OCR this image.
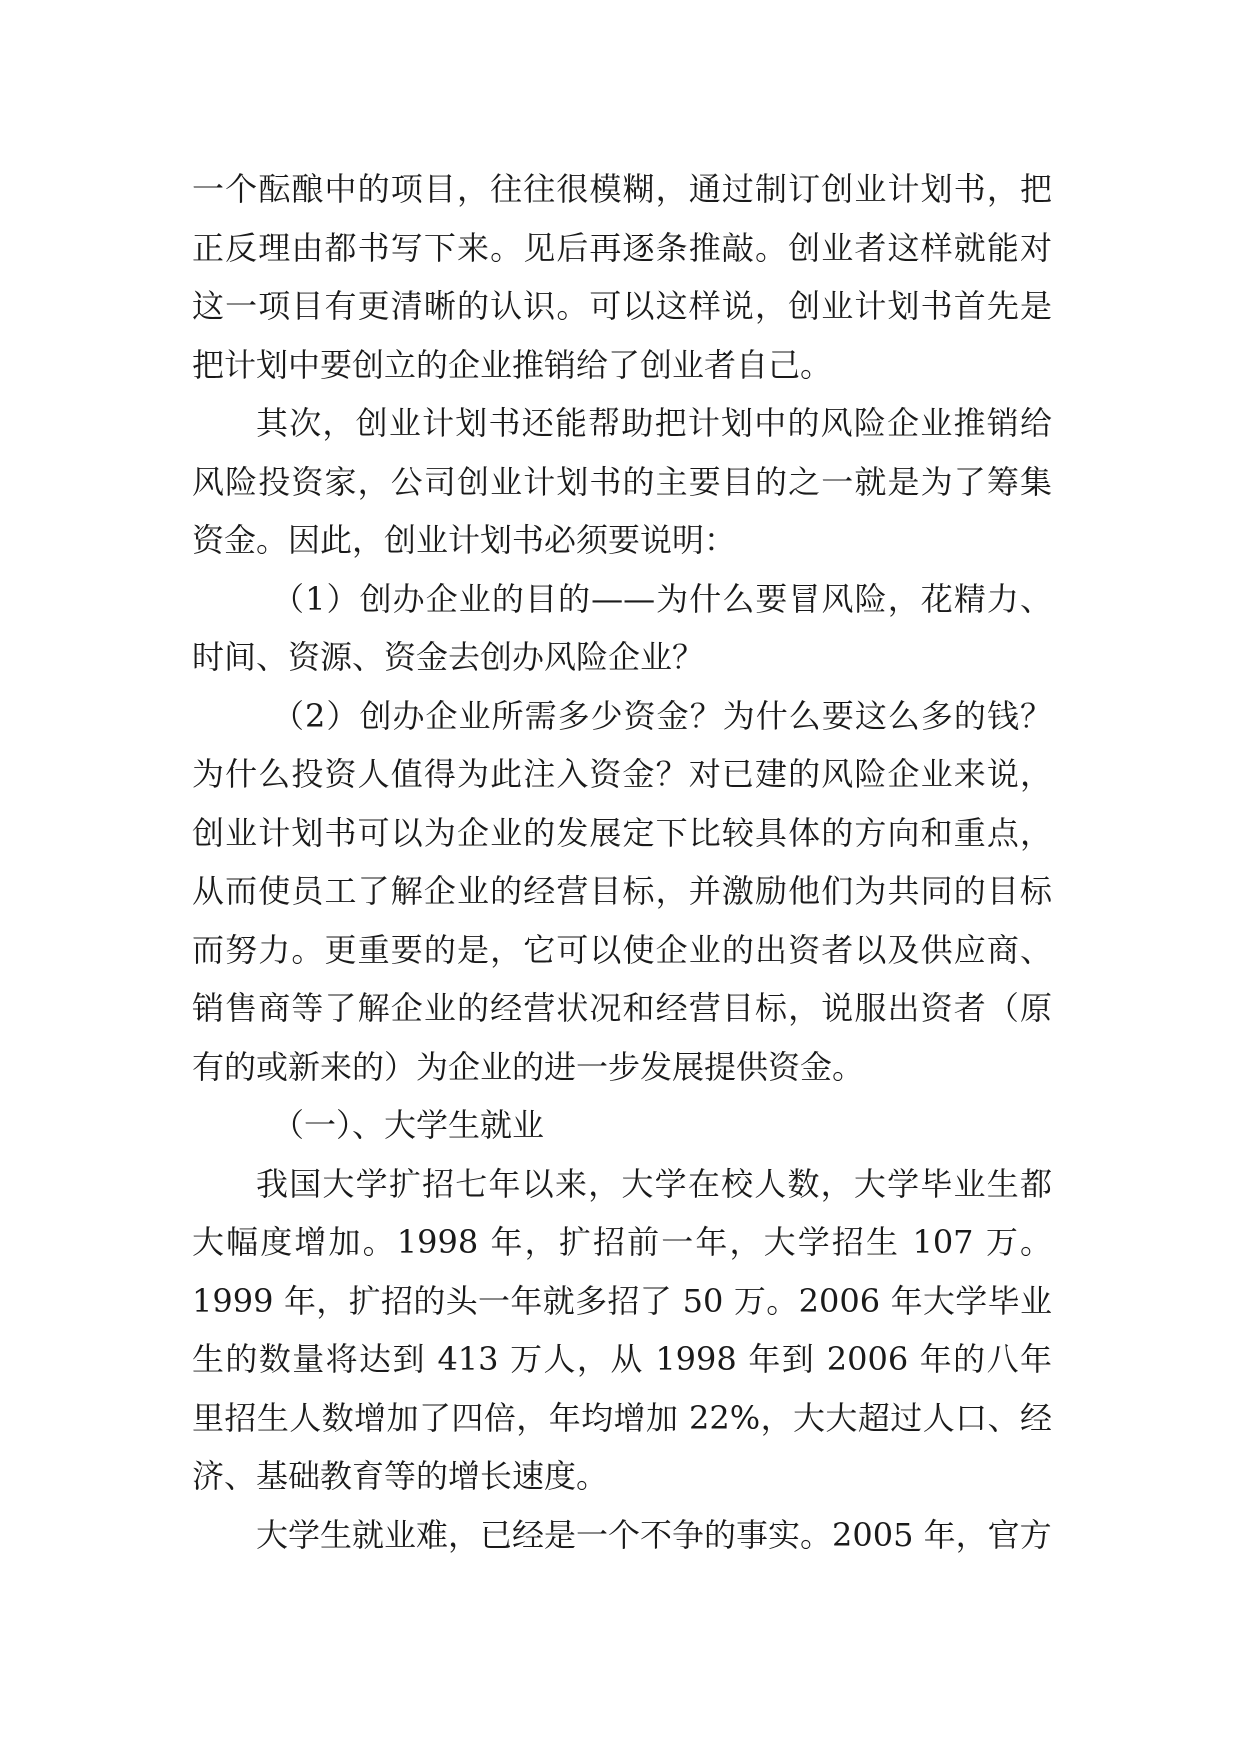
一个酝酿中的项目，往往很模糊，通过制订创业计划书，把正反理由都书写下来。见后再逐条推敲。创业者这样就能对这一项目有更清晰的认识。可以这样说，创业计划书首先是把计划中要创立的企业推销给了创业者自己。

其次，创业计划书还能帮助把计划中的风险企业推销给风险投资家，公司创业计划书的主要目的之一就是为了筹集资金。因此，创业计划书必须要说明：

（1）创办企业的目的——为什么要冒风险，花精力、时间、资源、资金去创办风险企业？

（2）创办企业所需多少资金？为什么要这么多的钱？为什么投资人值得为此注入资金？对已建的风险企业来说，创业计划书可以为企业的发展定下比较具体的方向和重点，从而使员工了解企业的经营目标，并激励他们为共同的目标而努力。更重要的是，它可以使企业的出资者以及供应商、销售商等了解企业的经营状况和经营目标，说服出资者（原有的或新来的）为企业的进一步发展提供资金。

（一）、大学生就业

我国大学扩招七年以来，大学在校人数，大学毕业生都大幅度增加。1998 年，扩招前一年，大学招生 107 万。1999 年，扩招的头一年就多招了 50 万。2006 年大学毕业生的数量将达到 413 万人，从 1998 年到 2006 年的八年里招生人数增加了四倍，年均增加 22%，大大超过人口、经济、基础教育等的增长速度。

大学生就业难，已经是一个不争的事实。2005 年，官方
